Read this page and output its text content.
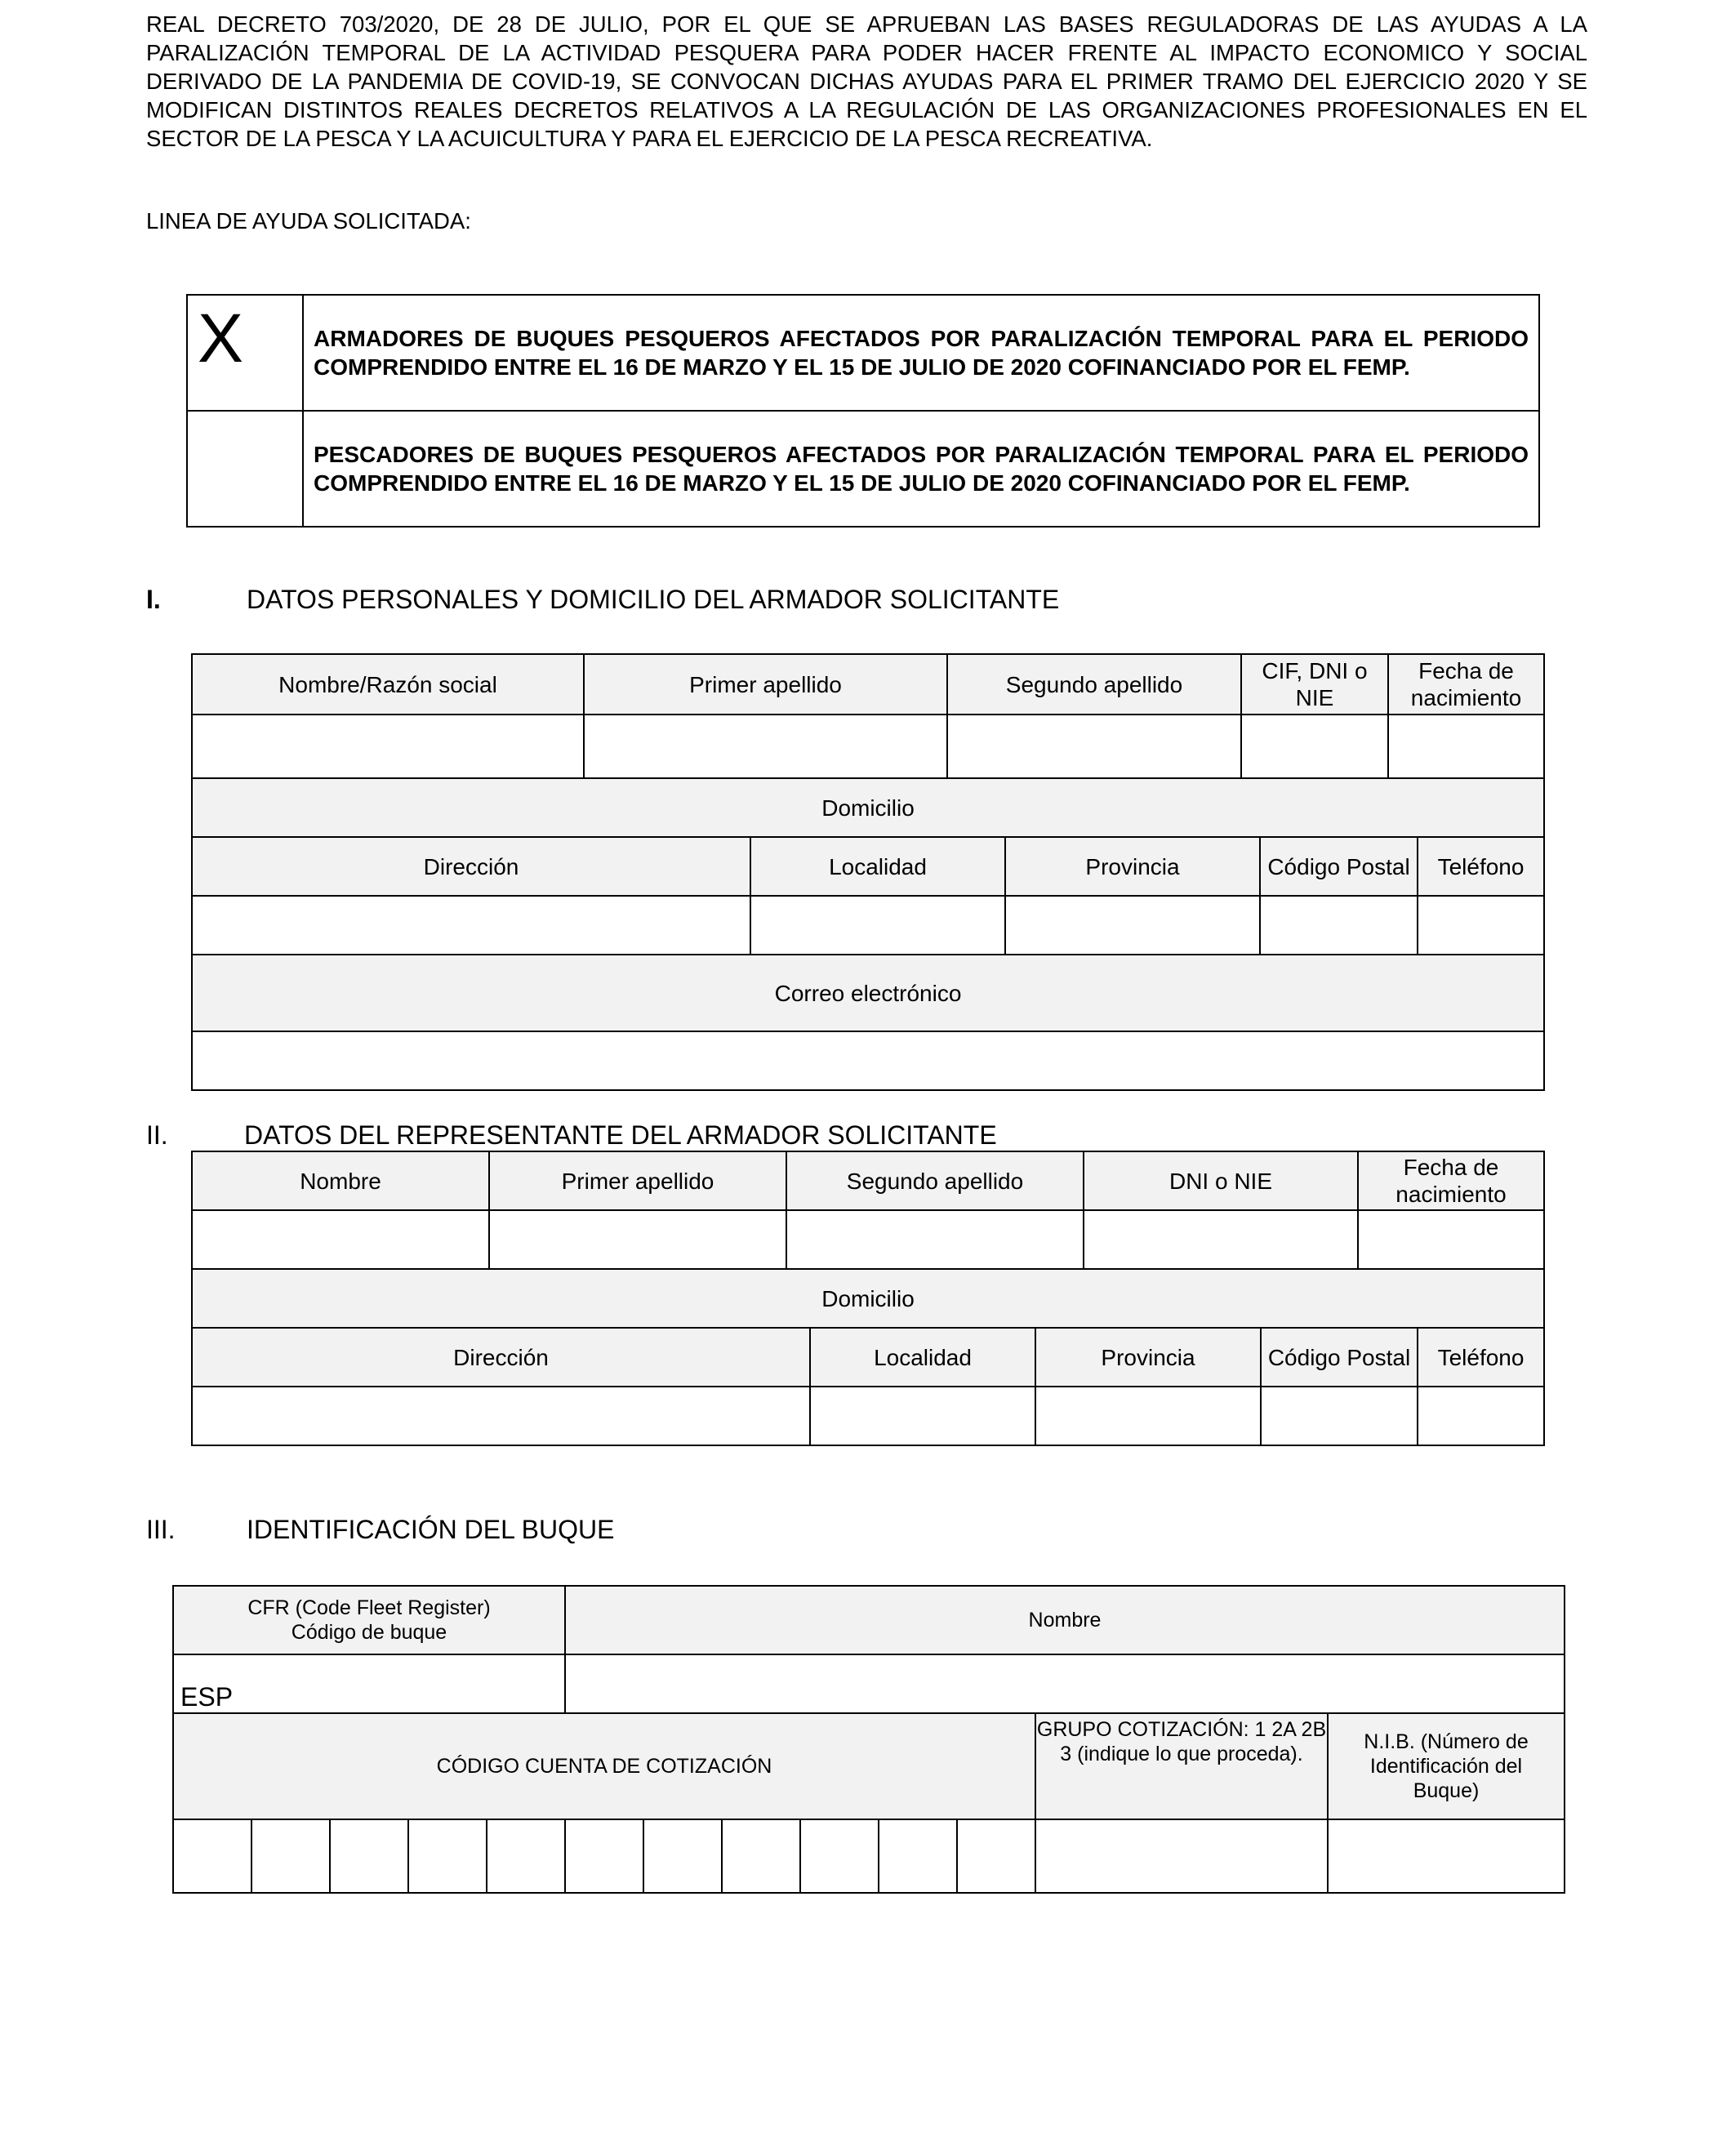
REAL DECRETO 703/2020, DE 28 DE JULIO, POR EL QUE SE APRUEBAN LAS BASES REGULADORAS DE LAS AYUDAS A LA PARALIZACIÓN TEMPORAL DE LA ACTIVIDAD PESQUERA PARA PODER HACER FRENTE AL IMPACTO ECONOMICO Y SOCIAL DERIVADO DE LA PANDEMIA DE COVID-19, SE CONVOCAN DICHAS AYUDAS PARA EL PRIMER TRAMO DEL EJERCICIO 2020 Y SE MODIFICAN DISTINTOS REALES DECRETOS RELATIVOS A LA REGULACIÓN DE LAS ORGANIZACIONES PROFESIONALES EN EL SECTOR DE LA PESCA Y LA ACUICULTURA Y PARA EL EJERCICIO DE LA PESCA RECREATIVA.
LINEA DE AYUDA SOLICITADA:
X	ARMADORES DE BUQUES PESQUEROS AFECTADOS POR PARALIZACIÓN TEMPORAL PARA EL PERIODO COMPRENDIDO ENTRE EL 16 DE MARZO Y EL 15 DE JULIO DE 2020 COFINANCIADO POR EL FEMP.
	PESCADORES DE BUQUES PESQUEROS AFECTADOS POR PARALIZACIÓN TEMPORAL PARA EL PERIODO COMPRENDIDO ENTRE EL 16 DE MARZO Y EL 15 DE JULIO DE 2020 COFINANCIADO POR EL FEMP.
I.	DATOS PERSONALES Y DOMICILIO DEL ARMADOR SOLICITANTE
Nombre/Razón social	Primer apellido	Segundo apellido	CIF, DNI o NIE	Fecha de nacimiento

Domicilio				
Dirección	Localidad	Provincia	Código Postal	Teléfono

Correo electrónico				

II.	DATOS DEL REPRESENTANTE DEL ARMADOR SOLICITANTE
Nombre	Primer apellido	Segundo apellido	DNI o NIE	Fecha de nacimiento

Domicilio				
Dirección	Localidad	Provincia	Código Postal	Teléfono

III.	IDENTIFICACIÓN DEL BUQUE
CFR (Code Fleet Register) Código de buque	Nombre
ESP	
CÓDIGO CUENTA DE COTIZACIÓN											GRUPO COTIZACIÓN: 1 2A 2B 3 (indique lo que proceda).	N.I.B. (Número de Identificación del Buque)
